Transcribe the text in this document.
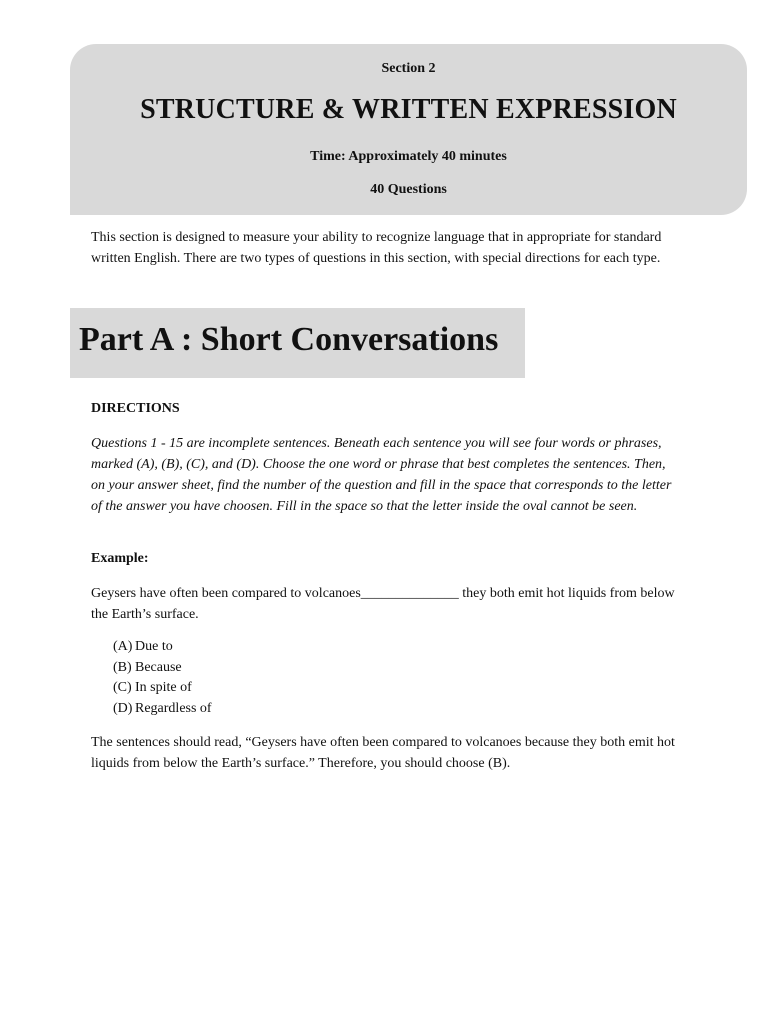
Section 2
STRUCTURE & WRITTEN EXPRESSION
Time: Approximately 40 minutes
40 Questions

This section is designed to measure your ability to recognize language that in appropriate for standard written English. There are two types of questions in this section, with special directions for each type.

Part A : Short Conversations
DIRECTIONS

Questions 1 - 15 are incomplete sentences. Beneath each sentence you will see four words or phrases, marked (A), (B), (C), and (D). Choose the one word or phrase that best completes the sentences. Then, on your answer sheet, find the number of the question and fill in the space that corresponds to the letter of the answer you have choosen. Fill in the space so that the letter inside the oval cannot be seen.

Example:

Geysers have often been compared to volcanoes______________ they both emit hot liquids from below the Earth’s surface.

(A) Due to
(B) Because
(C) In spite of
(D) Regardless of

The sentences should read, “Geysers have often been compared to volcanoes because they both emit hot liquids from below the Earth’s surface.” Therefore, you should choose (B).
